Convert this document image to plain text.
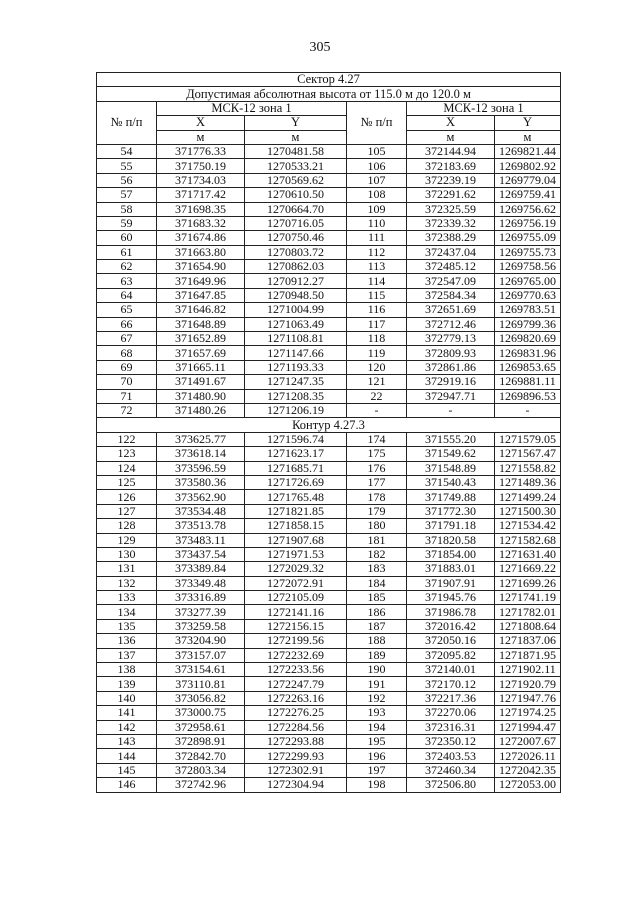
305
Сектор 4.27					
Допустимая абсолютная высота от 115.0 м до 120.0 м					
№ п/п	МСК-12 зона 1		№ п/п	МСК-12 зона 1	
	X	Y		X	Y
	м	м		м	м
54	371776.33	1270481.58	105	372144.94	1269821.44
55	371750.19	1270533.21	106	372183.69	1269802.92
56	371734.03	1270569.62	107	372239.19	1269779.04
57	371717.42	1270610.50	108	372291.62	1269759.41
58	371698.35	1270664.70	109	372325.59	1269756.62
59	371683.32	1270716.05	110	372339.32	1269756.19
60	371674.86	1270750.46	111	372388.29	1269755.09
61	371663.80	1270803.72	112	372437.04	1269755.73
62	371654.90	1270862.03	113	372485.12	1269758.56
63	371649.96	1270912.27	114	372547.09	1269765.00
64	371647.85	1270948.50	115	372584.34	1269770.63
65	371646.82	1271004.99	116	372651.69	1269783.51
66	371648.89	1271063.49	117	372712.46	1269799.36
67	371652.89	1271108.81	118	372779.13	1269820.69
68	371657.69	1271147.66	119	372809.93	1269831.96
69	371665.11	1271193.33	120	372861.86	1269853.65
70	371491.67	1271247.35	121	372919.16	1269881.11
71	371480.90	1271208.35	22	372947.71	1269896.53
72	371480.26	1271206.19	-	-	-
Контур 4.27.3					
122	373625.77	1271596.74	174	371555.20	1271579.05
123	373618.14	1271623.17	175	371549.62	1271567.47
124	373596.59	1271685.71	176	371548.89	1271558.82
125	373580.36	1271726.69	177	371540.43	1271489.36
126	373562.90	1271765.48	178	371749.88	1271499.24
127	373534.48	1271821.85	179	371772.30	1271500.30
128	373513.78	1271858.15	180	371791.18	1271534.42
129	373483.11	1271907.68	181	371820.58	1271582.68
130	373437.54	1271971.53	182	371854.00	1271631.40
131	373389.84	1272029.32	183	371883.01	1271669.22
132	373349.48	1272072.91	184	371907.91	1271699.26
133	373316.89	1272105.09	185	371945.76	1271741.19
134	373277.39	1272141.16	186	371986.78	1271782.01
135	373259.58	1272156.15	187	372016.42	1271808.64
136	373204.90	1272199.56	188	372050.16	1271837.06
137	373157.07	1272232.69	189	372095.82	1271871.95
138	373154.61	1272233.56	190	372140.01	1271902.11
139	373110.81	1272247.79	191	372170.12	1271920.79
140	373056.82	1272263.16	192	372217.36	1271947.76
141	373000.75	1272276.25	193	372270.06	1271974.25
142	372958.61	1272284.56	194	372316.31	1271994.47
143	372898.91	1272293.88	195	372350.12	1272007.67
144	372842.70	1272299.93	196	372403.53	1272026.11
145	372803.34	1272302.91	197	372460.34	1272042.35
146	372742.96	1272304.94	198	372506.80	1272053.00
